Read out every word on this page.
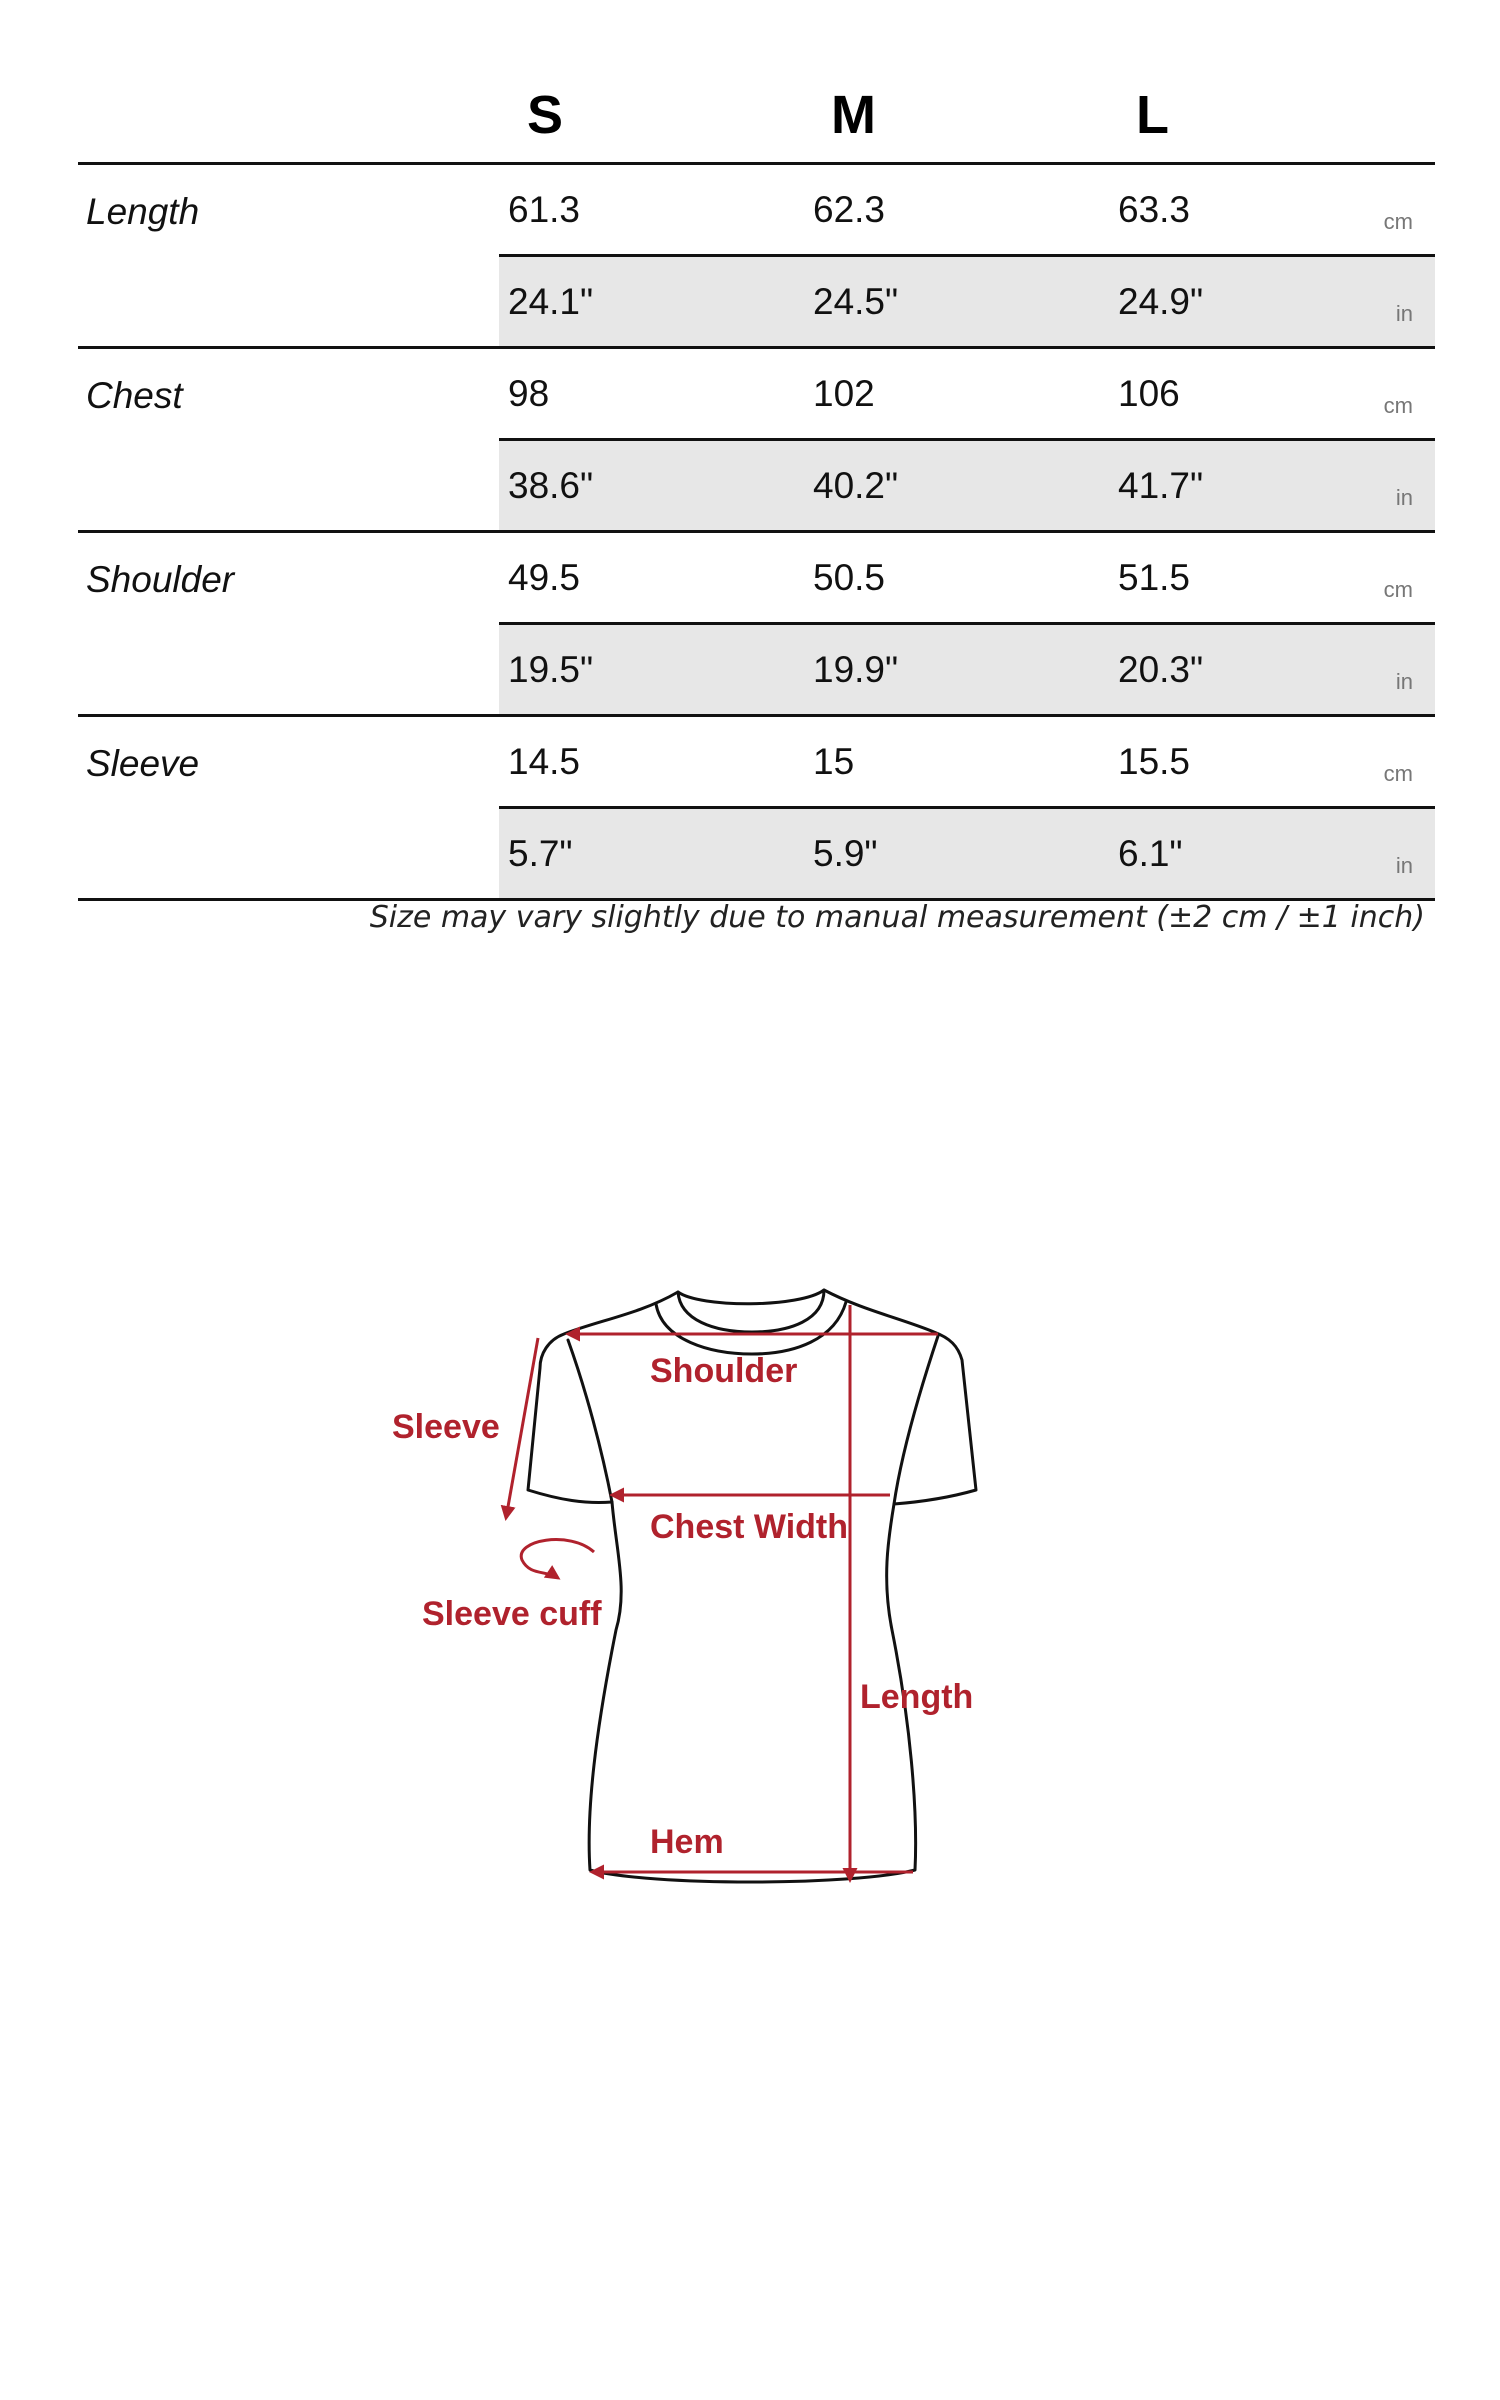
S	M	L
Length	61.3	62.3	63.3	cm
24.1"	24.5"	24.9"	in
Chest	98	102	106	cm
38.6"	40.2"	41.7"	in
Shoulder	49.5	50.5	51.5	cm
19.5"	19.9"	20.3"	in
Sleeve	14.5	15	15.5	cm
5.7"	5.9"	6.1"	in
Size may vary slightly due to manual measurement (±2 cm / ±1 inch)
Shoulder
Sleeve
Chest Width
Sleeve cuff
Length
Hem
